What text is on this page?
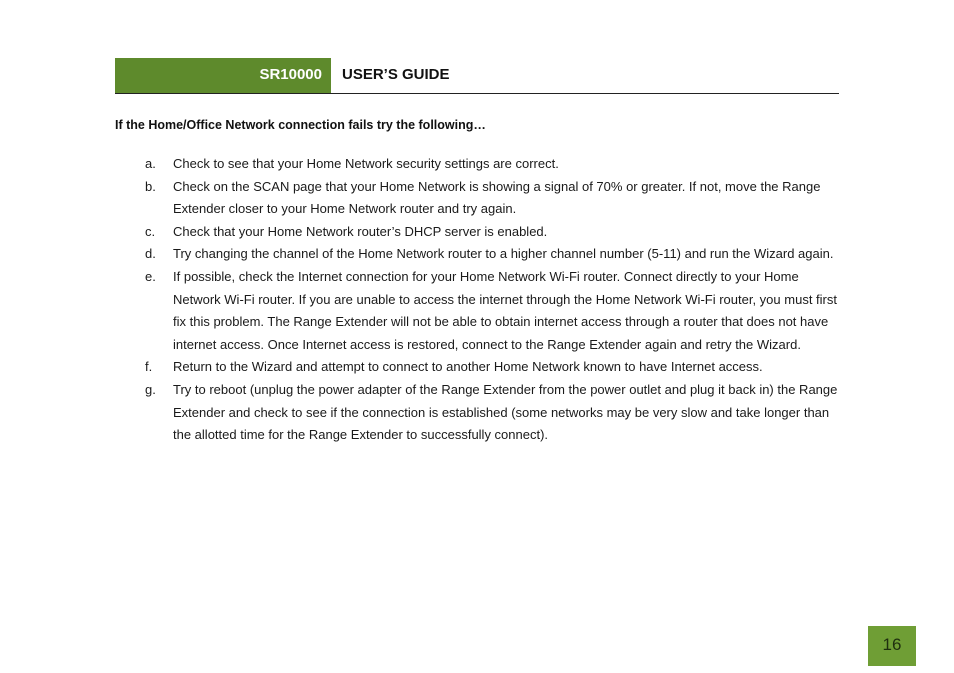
SR10000 USER’S GUIDE
If the Home/Office Network connection fails try the following…
a. Check to see that your Home Network security settings are correct.
b. Check on the SCAN page that your Home Network is showing a signal of 70% or greater. If not, move the Range Extender closer to your Home Network router and try again.
c. Check that your Home Network router’s DHCP server is enabled.
d. Try changing the channel of the Home Network router to a higher channel number (5-11) and run the Wizard again.
e. If possible, check the Internet connection for your Home Network Wi-Fi router. Connect directly to your Home Network Wi-Fi router. If you are unable to access the internet through the Home Network Wi-Fi router, you must first fix this problem. The Range Extender will not be able to obtain internet access through a router that does not have internet access. Once Internet access is restored, connect to the Range Extender again and retry the Wizard.
f. Return to the Wizard and attempt to connect to another Home Network known to have Internet access.
g. Try to reboot (unplug the power adapter of the Range Extender from the power outlet and plug it back in) the Range Extender and check to see if the connection is established (some networks may be very slow and take longer than the allotted time for the Range Extender to successfully connect).
16
